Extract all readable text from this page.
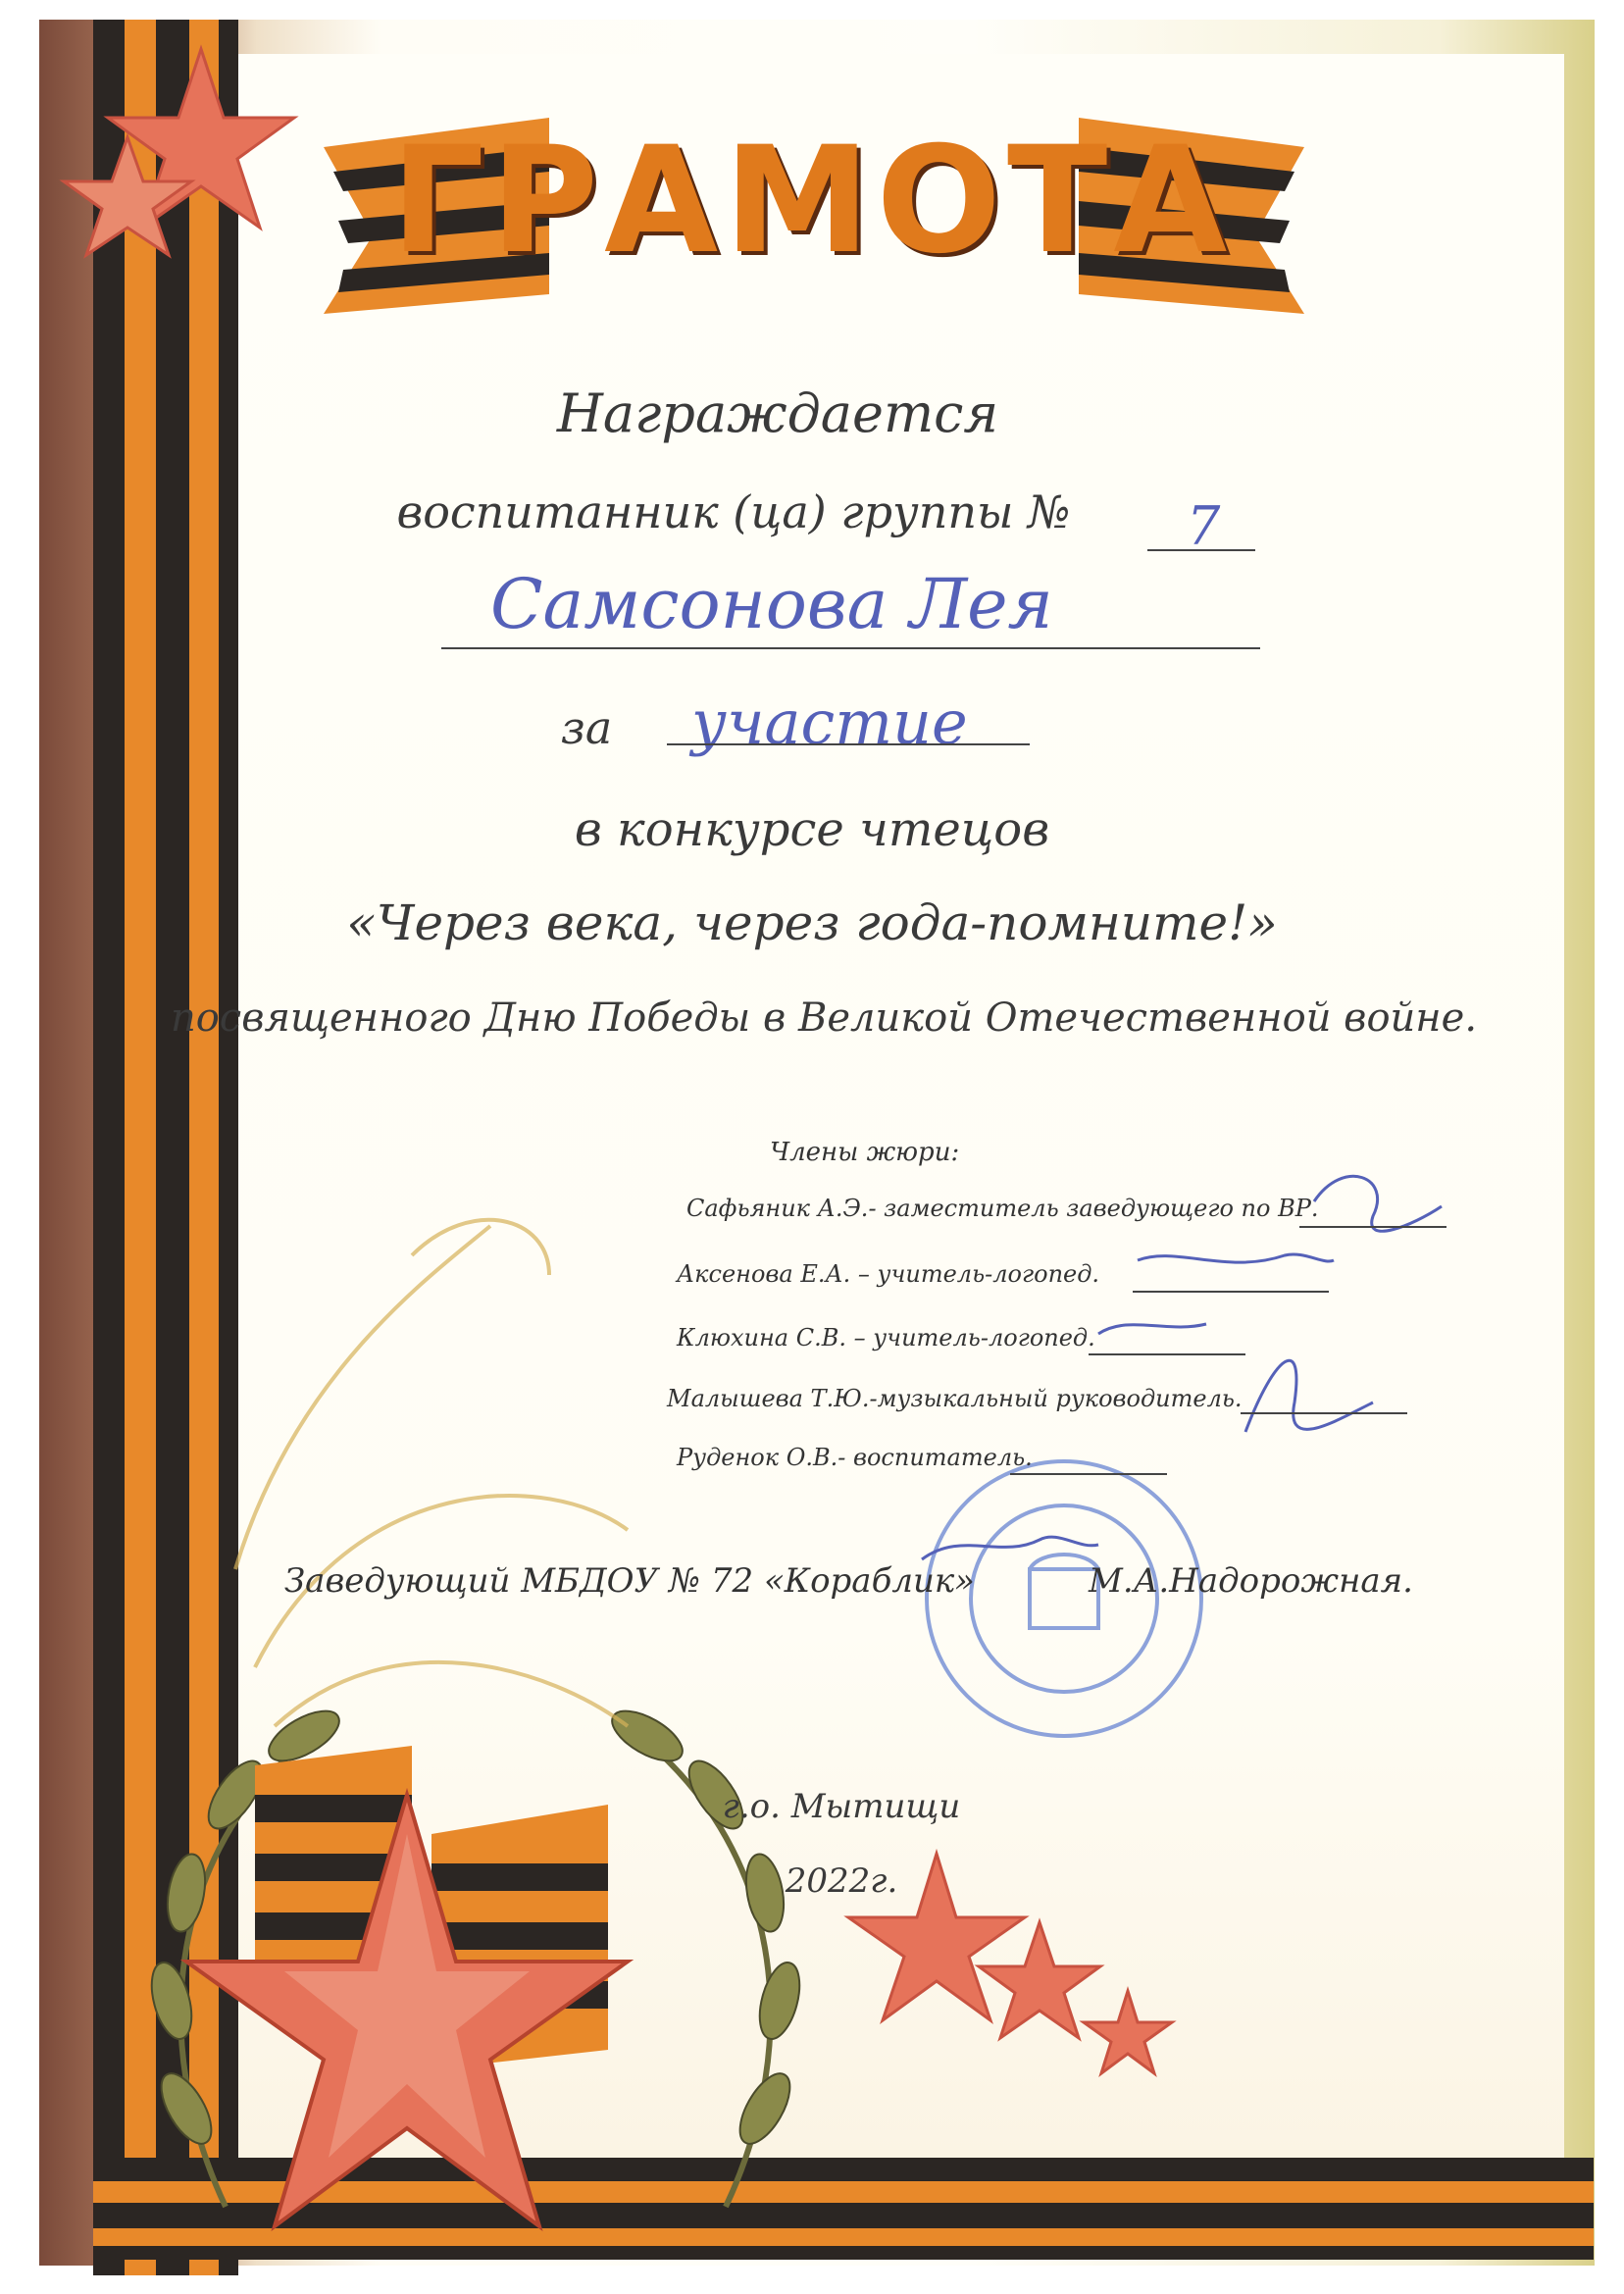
ГРАМОТА
Награждается
воспитанник (ца) группы №	7
Самсонова Лея
за	участие
в конкурсе чтецов
«Через века, через года-помните!»
посвященного Дню Победы в Великой Отечественной войне.
Члены жюри:
Сафьяник А.Э.- заместитель заведующего по ВР.
Аксенова Е.А. – учитель-логопед.
Клюхина С.В. – учитель-логопед.
Малышева Т.Ю.-музыкальный руководитель.
Руденок О.В.- воспитатель.
Заведующий МБДОУ № 72 «Кораблик»	М.А.Надорожная.
г.о. Мытищи
2022г.
